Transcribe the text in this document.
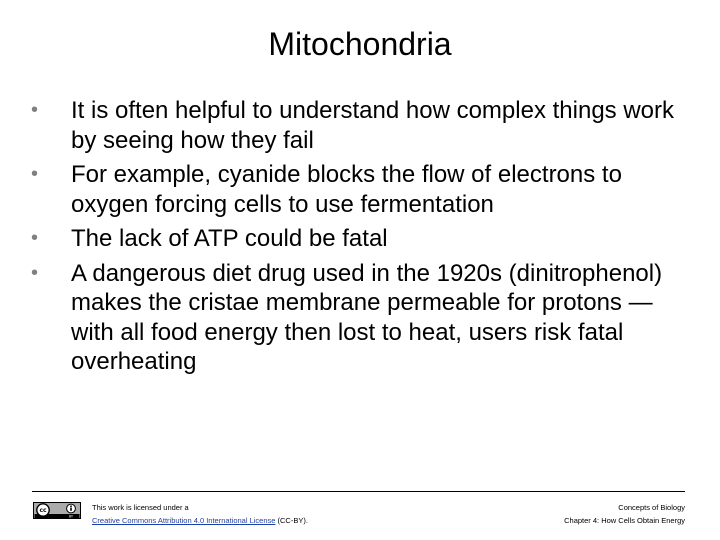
Mitochondria
•	It is often helpful to understand how complex things work by seeing how they fail
•	For example, cyanide blocks the flow of electrons to oxygen forcing cells to use fermentation
•	The lack of ATP could be fatal
•	A dangerous diet drug used in the 1920s (dinitrophenol) makes the cristae membrane permeable for protons — with all food energy then lost to heat, users risk fatal overheating
cc
BY
This work is licensed under a
Creative Commons Attribution 4.0 International License (CC-BY).
Concepts of Biology
Chapter 4: How Cells Obtain Energy
